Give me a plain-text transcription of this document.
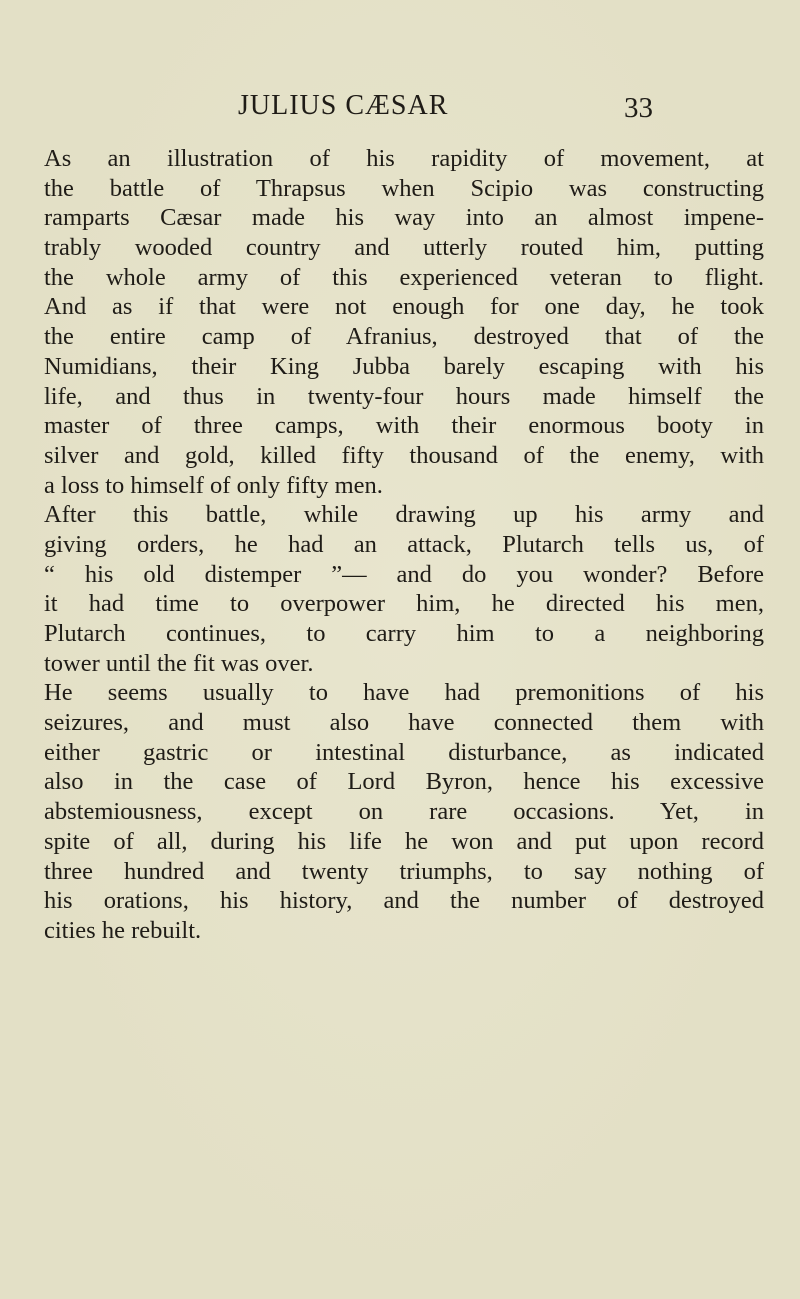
JULIUS CÆSAR	33
As an illustration of his rapidity of movement, at
the battle of Thrapsus when Scipio was constructing
ramparts Cæsar made his way into an almost impene-
trably wooded country and utterly routed him, putting
the whole army of this experienced veteran to flight.
And as if that were not enough for one day, he took
the entire camp of Afranius, destroyed that of the
Numidians, their King Jubba barely escaping with his
life, and thus in twenty-four hours made himself the
master of three camps, with their enormous booty in
silver and gold, killed fifty thousand of the enemy, with
a loss to himself of only fifty men.
After this battle, while drawing up his army and
giving orders, he had an attack, Plutarch tells us, of
“ his old distemper ”— and do you wonder? Before
it had time to overpower him, he directed his men,
Plutarch continues, to carry him to a neighboring
tower until the fit was over.
He seems usually to have had premonitions of his
seizures, and must also have connected them with
either gastric or intestinal disturbance, as indicated
also in the case of Lord Byron, hence his excessive
abstemiousness, except on rare occasions. Yet, in
spite of all, during his life he won and put upon record
three hundred and twenty triumphs, to say nothing of
his orations, his history, and the number of destroyed
cities he rebuilt.
